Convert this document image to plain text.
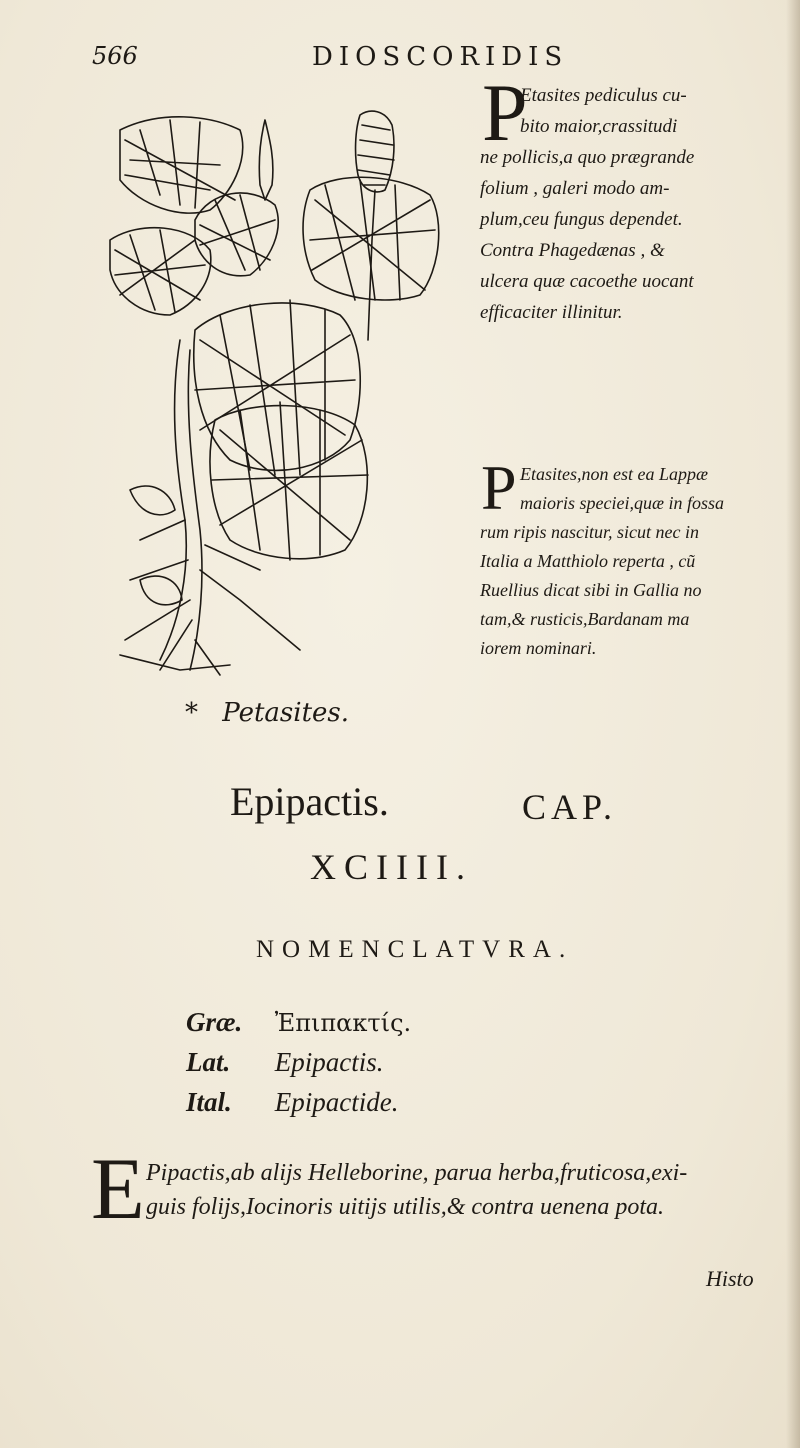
566	DIOSCORIDIS
* Petasites.
P
Etasites pediculus cu-
bito maior,crassitudi
ne pollicis,a quo prægrande
folium , galeri modo am-
plum,ceu fungus dependet.
Contra Phagedænas , &
ulcera quæ cacoethe uocant
efficaciter illinitur.
P Etasites,non est ea Lappæ
maioris speciei,quæ in fossa
rum ripis nascitur, sicut nec in
Italia a Matthiolo reperta , cũ
Ruellius dicat sibi in Gallia no
tam,& rusticis,Bardanam ma
iorem nominari.
Epipactis.	CAP.
XCIIII.
NOMENCLATVRA.
Græ. Ἐπιπακτίς.
Lat. Epipactis.
Ital. Epipactide.
E Pipactis,ab alijs Helleborine, parua herba,fruticosa,exi-
guis folijs,Iocinoris uitijs utilis,& contra uenena pota.
Histo
